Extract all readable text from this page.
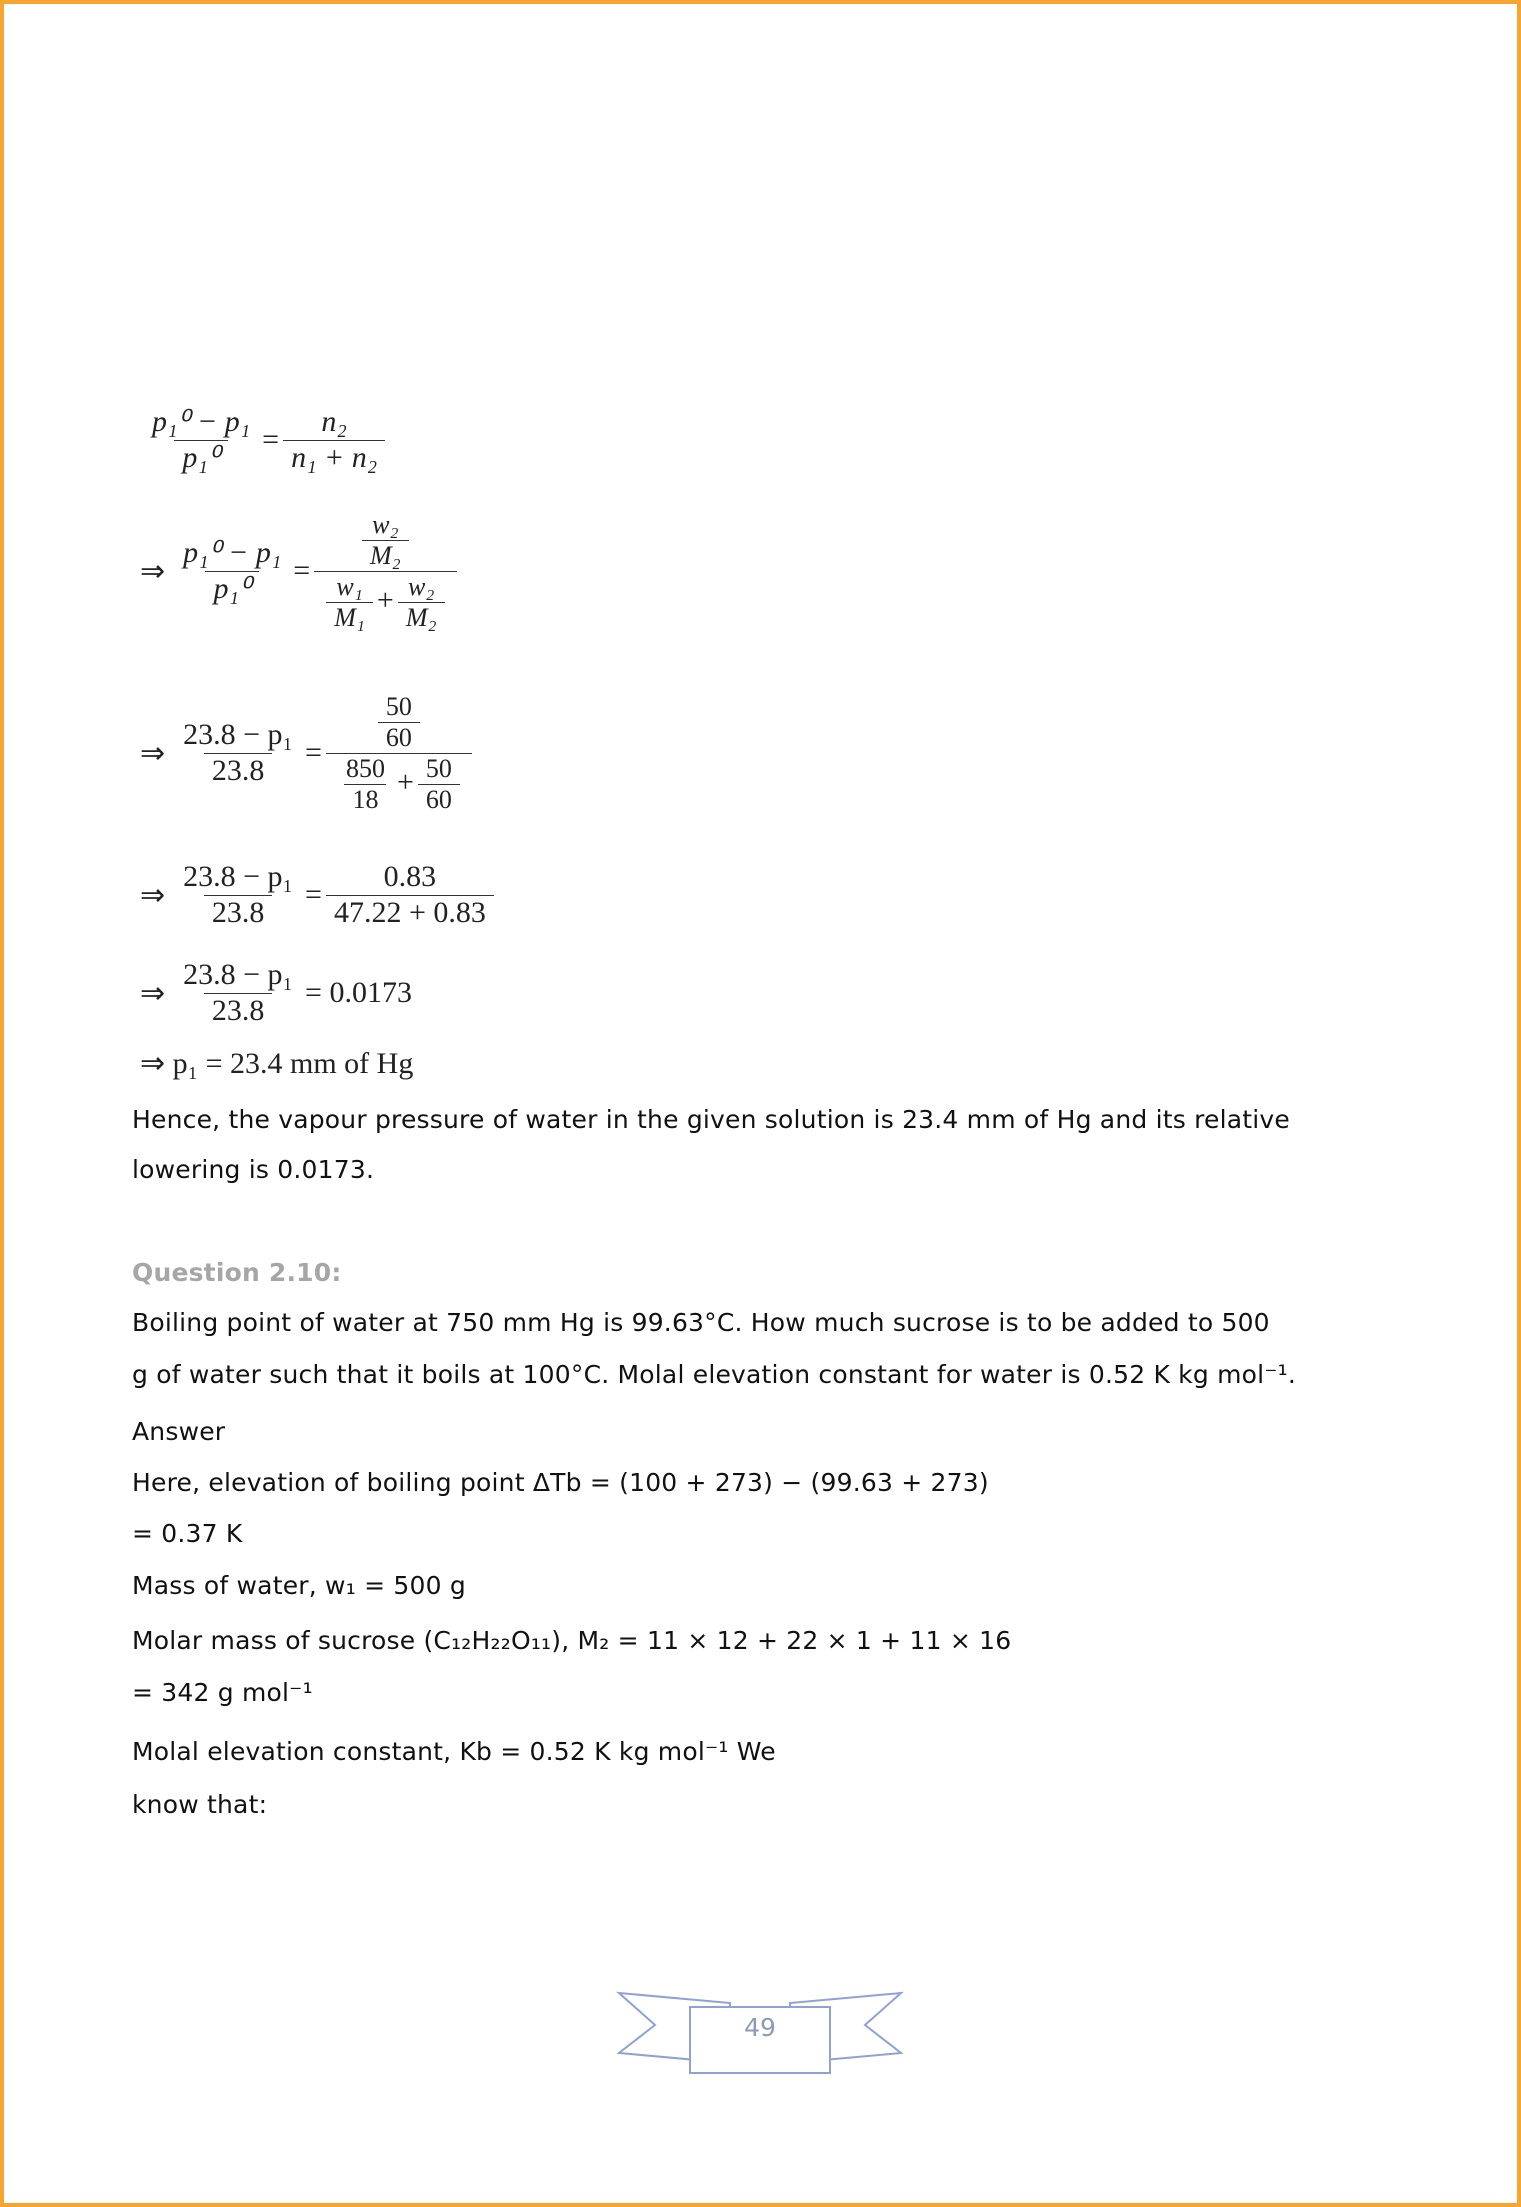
$\frac{\text{p₁⁰ − p₁}}{\text{p₁⁰}} = \frac{\text{n₂}}{\text{n₁ + n₂}}$
⇒ $\frac{\text{p₁⁰ − p₁}}{\text{p₁⁰}} = \frac{\frac{\text{w₂}}{\text{M₂}}}{\frac{\text{w₁}}{\text{M₁}} + \frac{\text{w₂}}{\text{M₂}}}$
⇒ $\frac{\text{23.8 − p₁}}{23.8} = \frac{\frac{50}{60}}{\frac{850}{18} + \frac{50}{60}}$
⇒ $\frac{\text{23.8 − p₁}}{23.8} = \frac{0.83}{47.22 + 0.83}$
⇒ $\frac{\text{23.8 − p₁}}{23.8} = 0.0173$
⇒ p₁ = 23.4 mm of Hg
Hence, the vapour pressure of water in the given solution is 23.4 mm of Hg and its relative
lowering is 0.0173.
Question 2.10:
Boiling point of water at 750 mm Hg is 99.63°C. How much sucrose is to be added to 500
g of water such that it boils at 100°C. Molal elevation constant for water is 0.52 K kg mol⁻¹.
Answer
Here, elevation of boiling point ΔTb = (100 + 273) − (99.63 + 273)
= 0.37 K
Mass of water, w₁ = 500 g
Molar mass of sucrose (C₁₂H₂₂O₁₁), M₂ = 11 × 12 + 22 × 1 + 11 × 16
= 342 g mol⁻¹
Molal elevation constant, Kb = 0.52 K kg mol⁻¹ We
know that:
49
